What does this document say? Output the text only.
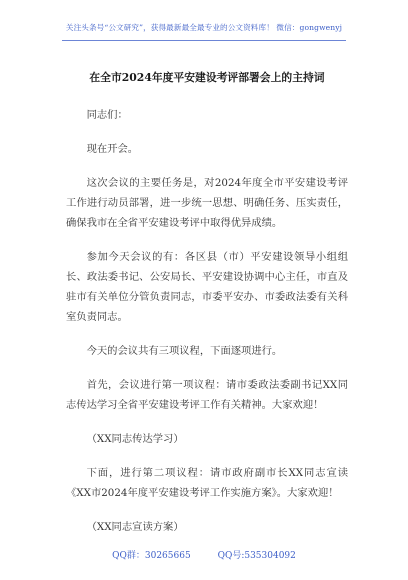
关注头条号“公文研究”，获得最新最全最专业的公文资料库！ 微信：gongwenyj
在全市2024年度平安建设考评部署会上的主持词

同志们：

现在开会。

这次会议的主要任务是，对2024年度全市平安建设考评工作进行动员部署，进一步统一思想、明确任务、压实责任，确保我市在全省平安建设考评中取得优异成绩。

参加今天会议的有：各区县（市）平安建设领导小组组长、政法委书记、公安局长、平安建设协调中心主任，市直及驻市有关单位分管负责同志，市委平安办、市委政法委有关科室负责同志。

今天的会议共有三项议程，下面逐项进行。

首先，会议进行第一项议程：请市委政法委副书记XX同志传达学习全省平安建设考评工作有关精神。大家欢迎！

（XX同志传达学习）

下面，进行第二项议程：请市政府副市长XX同志宣读《XX市2024年度平安建设考评工作实施方案》。大家欢迎！

（XX同志宣读方案）

QQ群：30265665	QQ号:535304092
